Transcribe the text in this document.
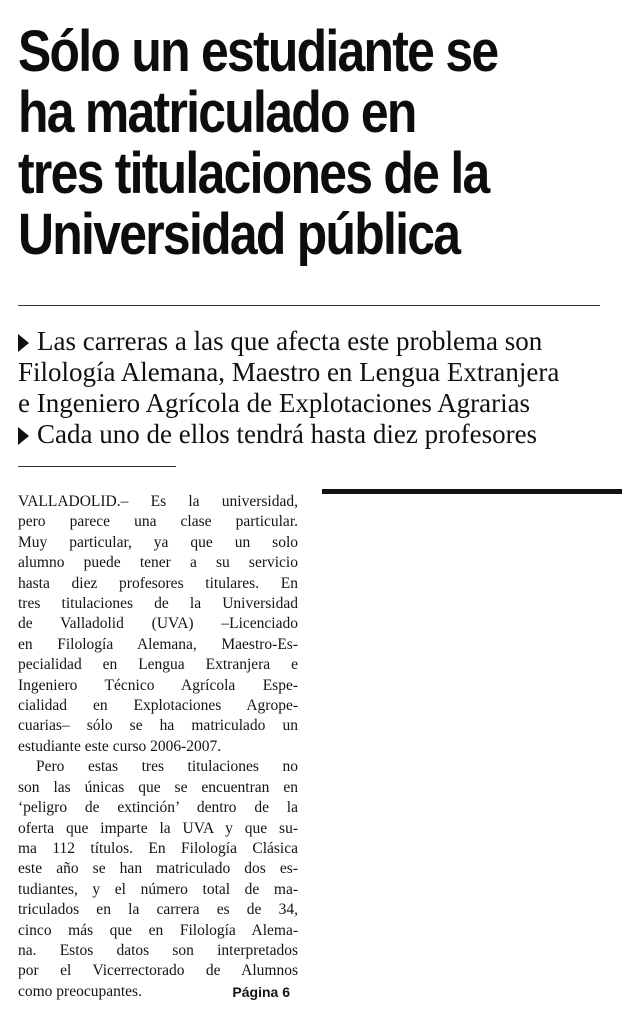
Sólo un estudiante se
ha matriculado en
tres titulaciones de la
Universidad pública
Las carreras a las que afecta este problema son
Filología Alemana, Maestro en Lengua Extranjera
e Ingeniero Agrícola de Explotaciones Agrarias
Cada uno de ellos tendrá hasta diez profesores

VALLADOLID.– Es la universidad,
pero parece una clase particular.
Muy particular, ya que un solo
alumno puede tener a su servicio
hasta diez profesores titulares. En
tres titulaciones de la Universidad
de Valladolid (UVA) –Licenciado
en Filología Alemana, Maestro-Es-
pecialidad en Lengua Extranjera e
Ingeniero Técnico Agrícola Espe-
cialidad en Explotaciones Agrope-
cuarias– sólo se ha matriculado un
estudiante este curso 2006-2007.

Pero estas tres titulaciones no
son las únicas que se encuentran en
‘peligro de extinción’ dentro de la
oferta que imparte la UVA y que su-
ma 112 títulos. En Filología Clásica
este año se han matriculado dos es-
tudiantes, y el número total de ma-
triculados en la carrera es de 34,
cinco más que en Filología Alema-
na. Estos datos son interpretados
por el Vicerrectorado de Alumnos
como preocupantes.	Página 6
